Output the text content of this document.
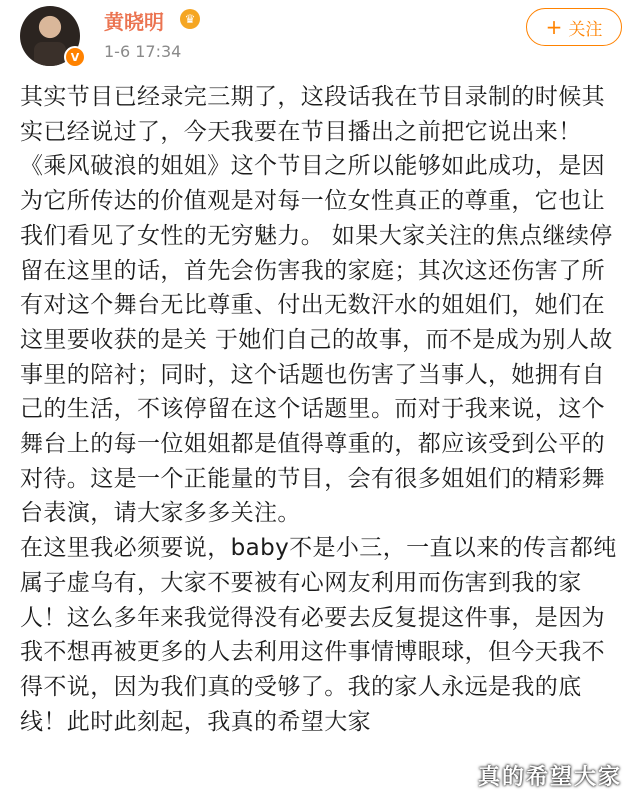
V
黄晓明	♛
1-6 17:34
+ 关注
其实节目已经录完三期了，这段话我在节目录制的时候其实已经说过了，今天我要在节目播出之前把它说出来！《乘风破浪的姐姐》这个节目之所以能够如此成功，是因为它所传达的价值观是对每一位女性真正的尊重，它也让我们看见了女性的无穷魅力。 如果大家关注的焦点继续停留在这里的话，首先会伤害我的家庭；其次这还伤害了所有对这个舞台无比尊重、付出无数汗水的姐姐们，她们在这里要收获的是关 于她们自己的故事，而不是成为别人故事里的陪衬；同时，这个话题也伤害了当事人，她拥有自己的生活，不该停留在这个话题里。而对于我来说，这个舞台上的每一位姐姐都是值得尊重的，都应该受到公平的对待。这是一个正能量的节目，会有很多姐姐们的精彩舞台表演，请大家多多关注。
在这里我必须要说，baby不是小三，一直以来的传言都纯属子虚乌有，大家不要被有心网友利用而伤害到我的家人！这么多年来我觉得没有必要去反复提这件事，是因为我不想再被更多的人去利用这件事情博眼球，但今天我不得不说，因为我们真的受够了。我的家人永远是我的底线！此时此刻起，我真的希望大家
真的希望大家
